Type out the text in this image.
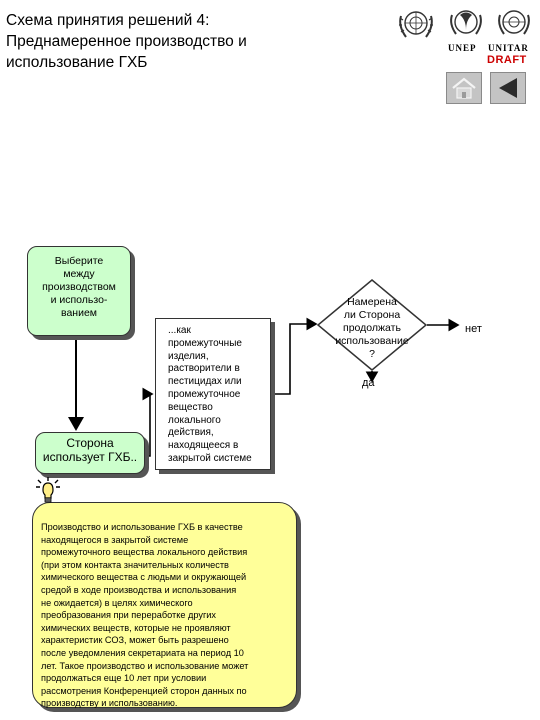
Схема принятия решений 4:
Преднамеренное производство и
использование ГХБ
UNEP UNITAR
DRAFT
Выберите
между
производством
и использо-
ванием
Сторона
использует ГХБ..
...как
промежуточные
изделия,
растворители в
пестицидах или
промежуточное
вещество
локального
действия,
находящееся в
закрытой системе
Намерена
ли Сторона
продолжать
использование
?
нет
да
Производство и использование ГХБ в качестве
находящегося в закрытой системе
промежуточного вещества локального действия
(при этом контакта значительных количеств
химического вещества с людьми и окружающей
средой в ходе производства и использования
не ожидается) в целях химического
преобразования при переработке других
химических веществ, которые не проявляют
характеристик СОЗ, может быть разрешено
после уведомления секретариата на период 10
лет. Такое производство и использование может
продолжаться еще 10 лет при условии
рассмотрения Конференцией сторон данных по
производству и использованию.
